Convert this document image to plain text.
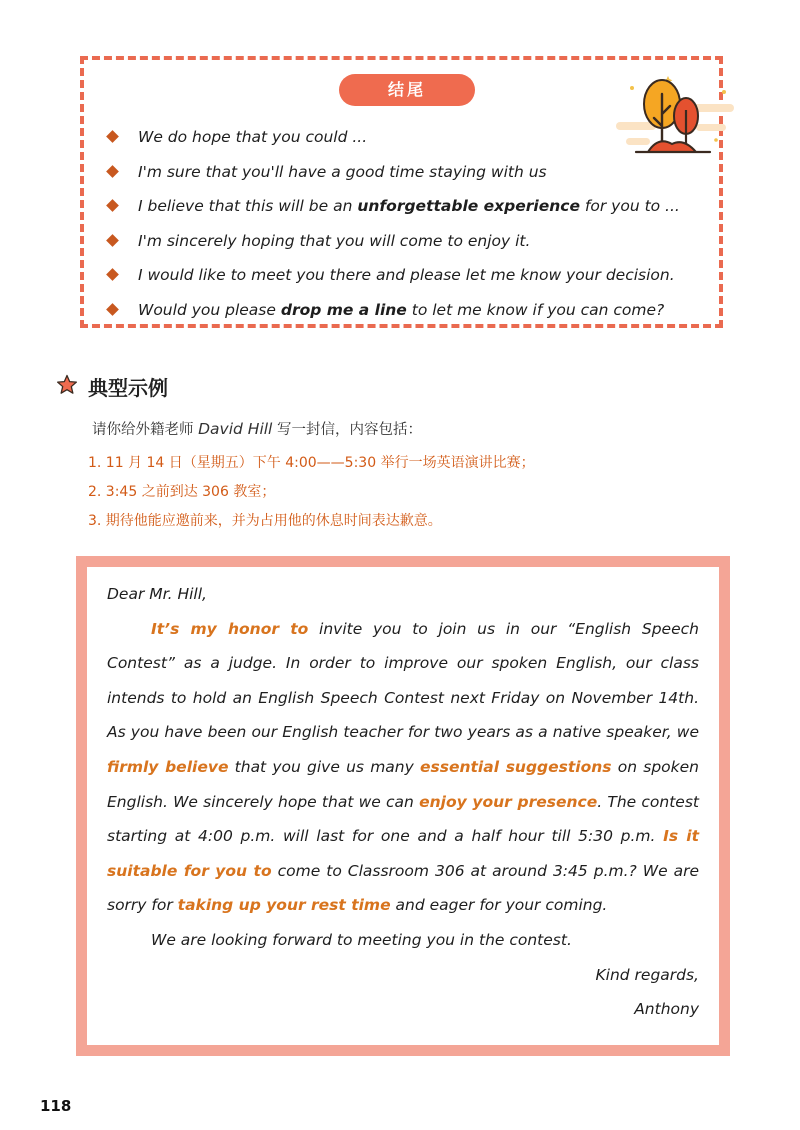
结尾
We do hope that you could ...
I'm sure that you'll have a good time staying with us
I believe that this will be an unforgettable experience for you to ...
I'm sincerely hoping that you will come to enjoy it.
I would like to meet you there and please let me know your decision.
Would you please drop me a line to let me know if you can come?
典型示例
请你给外籍老师 David Hill 写一封信，内容包括：
1. 11 月 14 日（星期五）下午 4:00——5:30 举行一场英语演讲比赛；
2. 3:45 之前到达 306 教室；
3. 期待他能应邀前来，并为占用他的休息时间表达歉意。

Dear Mr. Hill,

It’s my honor to invite you to join us in our “English Speech Contest” as a judge. In order to improve our spoken English, our class intends to hold an English Speech Contest next Friday on November 14th. As you have been our English teacher for two years as a native speaker, we firmly believe that you give us many essential suggestions on spoken English. We sincerely hope that we can enjoy your presence. The contest starting at 4:00 p.m. will last for one and a half hour till 5:30 p.m. Is it suitable for you to come to Classroom 306 at around 3:45 p.m.? We are sorry for taking up your rest time and eager for your coming.

We are looking forward to meeting you in the contest.

Kind regards,

Anthony

118
